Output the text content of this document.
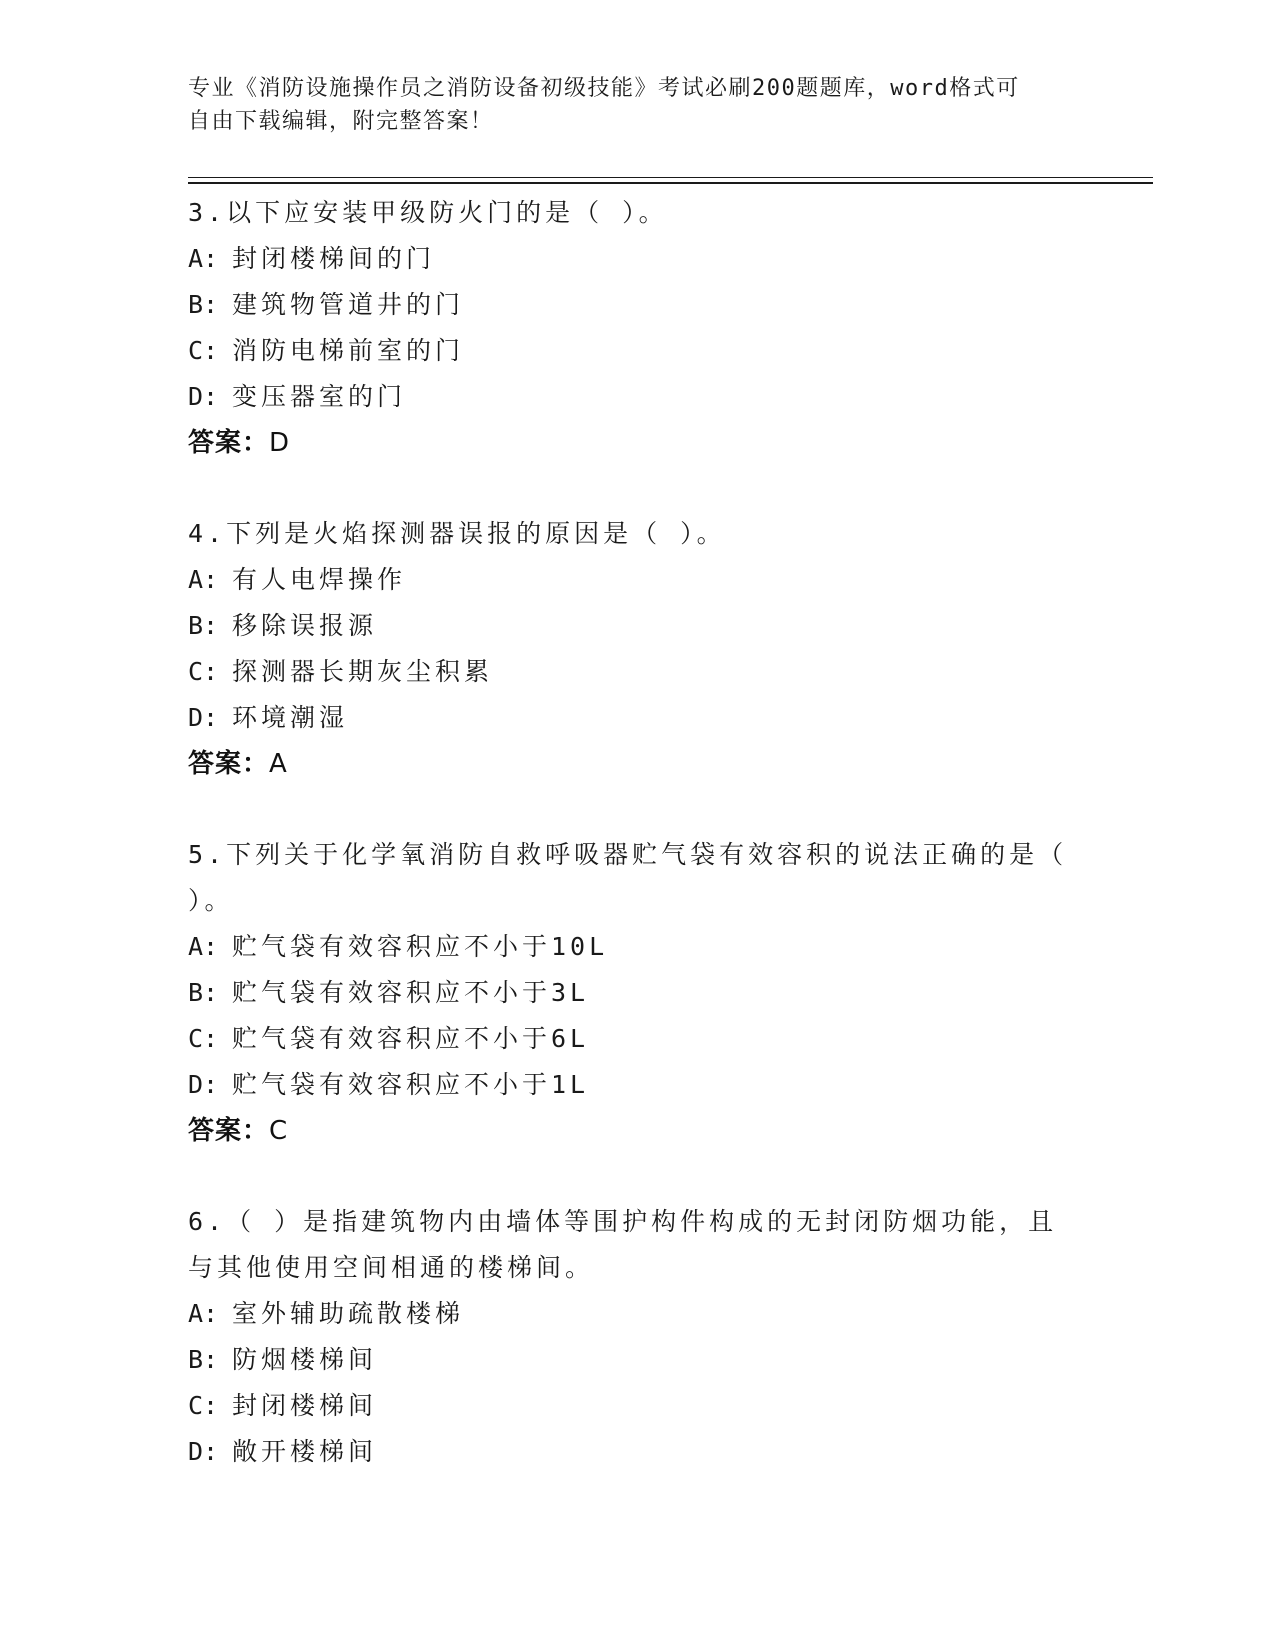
专业《消防设施操作员之消防设备初级技能》考试必刷200题题库，word格式可
自由下载编辑，附完整答案！
3.以下应安装甲级防火门的是（ ）。
A: 封闭楼梯间的门
B: 建筑物管道井的门
C: 消防电梯前室的门
D: 变压器室的门
答案：D
4.下列是火焰探测器误报的原因是（ ）。
A: 有人电焊操作
B: 移除误报源
C: 探测器长期灰尘积累
D: 环境潮湿
答案：A
5.下列关于化学氧消防自救呼吸器贮气袋有效容积的说法正确的是（
）。
A: 贮气袋有效容积应不小于10L
B: 贮气袋有效容积应不小于3L
C: 贮气袋有效容积应不小于6L
D: 贮气袋有效容积应不小于1L
答案：C
6.（ ）是指建筑物内由墙体等围护构件构成的无封闭防烟功能，且
与其他使用空间相通的楼梯间。
A: 室外辅助疏散楼梯
B: 防烟楼梯间
C: 封闭楼梯间
D: 敞开楼梯间
